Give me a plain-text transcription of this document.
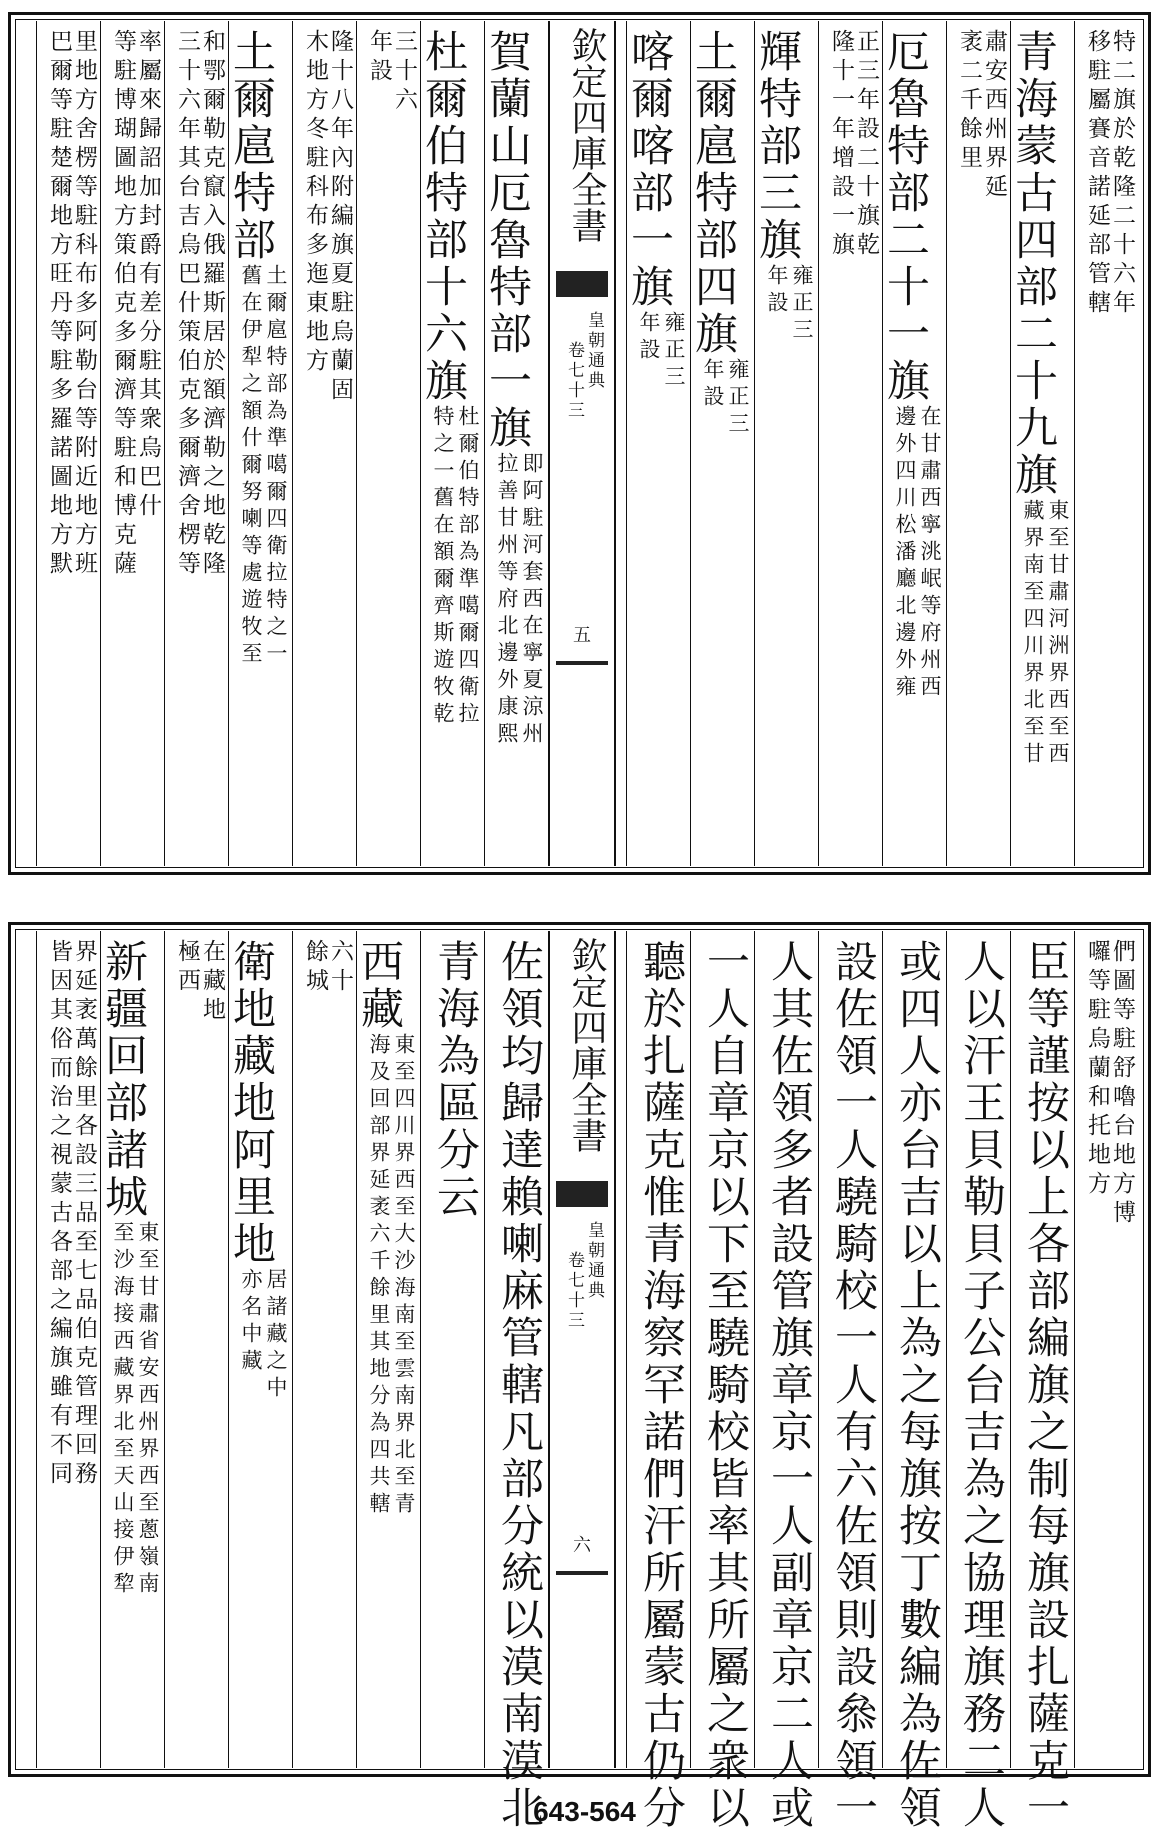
欽定四庫全書
皇朝通典
卷七十三
五
特二旗於乾隆二十六年
移駐屬賽音諾延部管轄
青海蒙古四部二十九旗
東至甘肅河洲界西至西
藏界南至四川界北至甘
肅安西州界延
袤二千餘里
厄魯特部二十一旗
在甘肅西寧洮岷等府州西
邊外四川松潘廳北邊外雍
正三年設二十旗乾
隆十一年增設一旗
輝特部三旗
雍正三
年設
土爾扈特部四旗
雍正三
年設
喀爾喀部一旗
雍正三
年設
賀蘭山厄魯特部一旗
即阿
拉善
駐河套西在寧夏涼州
甘州等府北邊外康熙
杜爾伯特部十六旗
杜爾伯特部為準噶爾四衛拉
特之一舊在額爾齊斯遊牧乾
三十六
年設
隆十八年內附編旗夏駐烏蘭固
木地方冬駐科布多迤東地方
土爾扈特部
土爾扈特部為準噶爾四衛拉特之一
舊在伊犁之額什爾努喇等處遊牧至
和鄂爾勒克竄入俄羅斯居於額濟勒之地乾隆
三十六年其台吉烏巴什策伯克多爾濟舍楞等
率屬來歸詔加封爵有差分駐其衆烏巴什
等駐博瑚圖地方策伯克多爾濟等駐和博克薩
里地方舍楞等駐科布多阿勒台等附近地方班
巴爾等駐楚爾地方旺丹等駐多羅諾圖地方默
欽定四庫全書
皇朝通典
卷七十三
六
們圖等駐舒嚕台地方博
囉等駐烏蘭和托地方
臣等謹按以上各部編旗之制每旗設扎薩克一
人以汗王貝勒貝子公台吉為之協理旗務二人
或四人亦台吉以上為之每旗按丁數編為佐領
設佐領一人驍騎校一人有六佐領則設叅領一
人其佐領多者設管旗章京一人副章京二人或
一人自章京以下至驍騎校皆率其所屬之衆以
聽於扎薩克惟青海察罕諾們汗所屬蒙古仍分
佐領均歸達賴喇麻管轄凡部分統以漠南漠北
青海為區分云
西藏
東至四川界西至大沙海南至雲南界北至青
海及回部界延袤六千餘里其地分為四共轄
六十
餘城
衛地藏地阿里地
居諸藏之中
亦名中藏
在藏地
極西
新疆回部諸城
東至甘肅省安西州界西至蔥嶺南
至沙海接西藏界北至天山接伊犂
界延袤萬餘里各設三品至七品伯克管理回務
皆因其俗而治之視蒙古各部之編旗雖有不同
643-564
